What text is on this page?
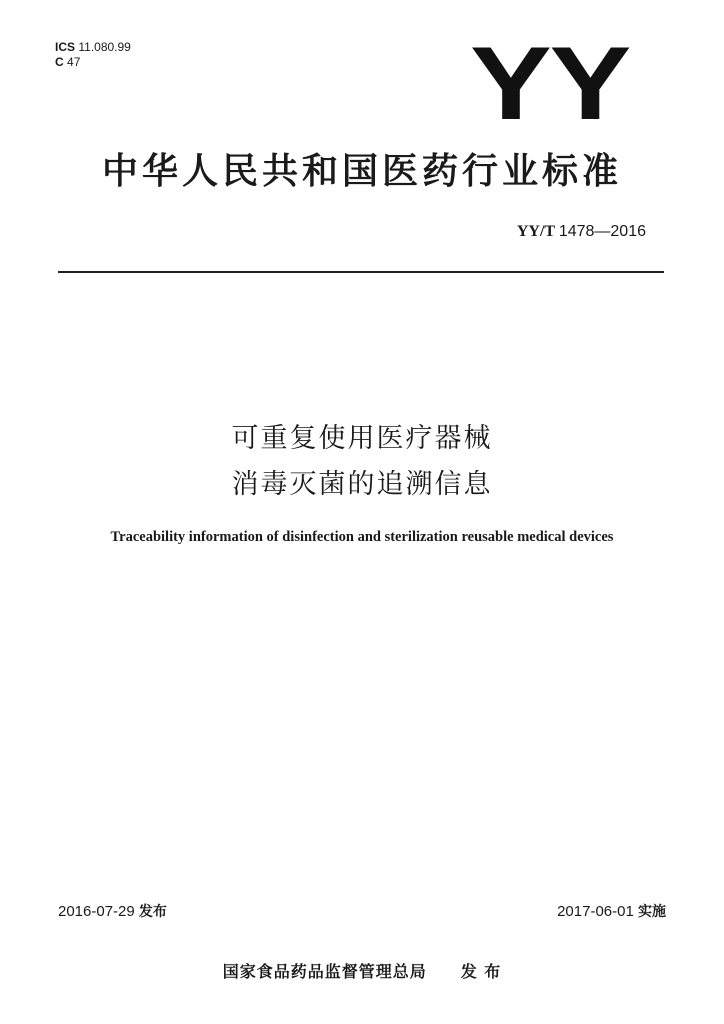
ICS 11.080.99
C 47	YY
中华人民共和国医药行业标准
YY/T 1478—2016
可重复使用医疗器械
消毒灭菌的追溯信息
Traceability information of disinfection and sterilization reusable medical devices
2016-07-29 发布	2017-06-01 实施
国家食品药品监督管理总局 发 布
